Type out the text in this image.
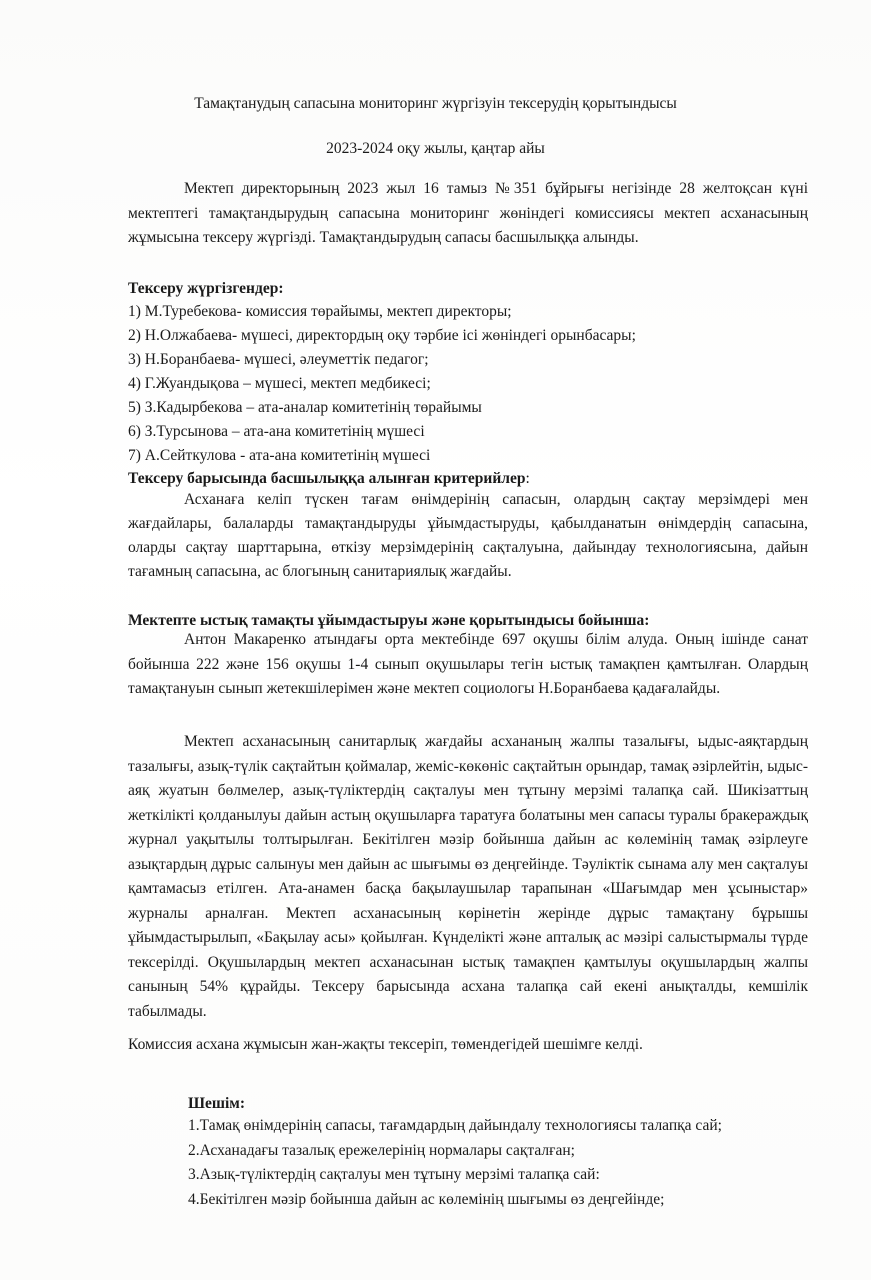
Тамақтанудың сапасына мониторинг жүргізуін тексерудің қорытындысы
2023-2024 оқу жылы, қаңтар айы
Мектеп директорының 2023 жыл 16 тамыз №351 бұйрығы негізінде 28 желтоқсан күні мектептегі тамақтандырудың сапасына мониторинг жөніндегі комиссиясы мектеп асханасының жұмысына тексеру жүргізді. Тамақтандырудың сапасы басшылыққа алынды.
Тексеру жүргізгендер:
1) М.Туребекова- комиссия төрайымы, мектеп директоры;
2) Н.Олжабаева- мүшесі, директордың оқу тәрбие ісі жөніндегі орынбасары;
3) Н.Боранбаева- мүшесі, әлеуметтік педагог;
4) Г.Жуандықова – мүшесі, мектеп медбикесі;
5) З.Кадырбекова – ата-аналар комитетінің төрайымы
6) З.Турсынова – ата-ана комитетінің мүшесі
7) А.Сейткулова - ата-ана комитетінің мүшесі
Тексеру барысында басшылыққа алынған критерийлер:
Асханаға келіп түскен тағам өнімдерінің сапасын, олардың сақтау мерзімдері мен жағдайлары, балаларды тамақтандыруды ұйымдастыруды, қабылданатын өнімдердің сапасына, оларды сақтау шарттарына, өткізу мерзімдерінің сақталуына, дайындау технологиясына, дайын тағамның сапасына, ас блогының санитариялық жағдайы.
Мектепте ыстық тамақты ұйымдастыруы және қорытындысы бойынша:
Антон Макаренко атындағы орта мектебінде 697 оқушы білім алуда. Оның ішінде санат бойынша 222 және 156 оқушы 1-4 сынып оқушылары тегін ыстық тамақпен қамтылған. Олардың тамақтануын сынып жетекшілерімен және мектеп социологы Н.Боранбаева қадағалайды.
Мектеп асханасының санитарлық жағдайы асхананың жалпы тазалығы, ыдыс-аяқтардың тазалығы, азық-түлік сақтайтын қоймалар, жеміс-көкөніс сақтайтын орындар, тамақ әзірлейтін, ыдыс-аяқ жуатын бөлмелер, азық-түліктердің сақталуы мен тұтыну мерзімі талапқа сай. Шикізаттың жеткілікті қолданылуы дайын астың оқушыларға таратуға болатыны мен сапасы туралы бракераждық журнал уақытылы толтырылған. Бекітілген мәзір бойынша дайын ас көлемінің тамақ әзірлеуге азықтардың дұрыс салынуы мен дайын ас шығымы өз деңгейінде. Тәуліктік сынама алу мен сақталуы қамтамасыз етілген. Ата-анамен басқа бақылаушылар тарапынан «Шағымдар мен ұсыныстар» журналы арналған. Мектеп асханасының көрінетін жерінде дұрыс тамақтану бұрышы ұйымдастырылып, «Бақылау асы» қойылған. Күнделікті және апталық ас мәзірі салыстырмалы түрде тексерілді. Оқушылардың мектеп асханасынан ыстық тамақпен қамтылуы оқушылардың жалпы санының 54% құрайды. Тексеру барысында асхана талапқа сай екені анықталды, кемшілік табылмады.
Комиссия асхана жұмысын жан-жақты тексеріп, төмендегідей шешімге келді.
Шешім:
1.Тамақ өнімдерінің сапасы, тағамдардың дайындалу технологиясы талапқа сай;
2.Асханадағы тазалық ережелерінің нормалары сақталған;
3.Азық-түліктердің сақталуы мен тұтыну мерзімі талапқа сай:
4.Бекітілген мәзір бойынша дайын ас көлемінің шығымы өз деңгейінде;
